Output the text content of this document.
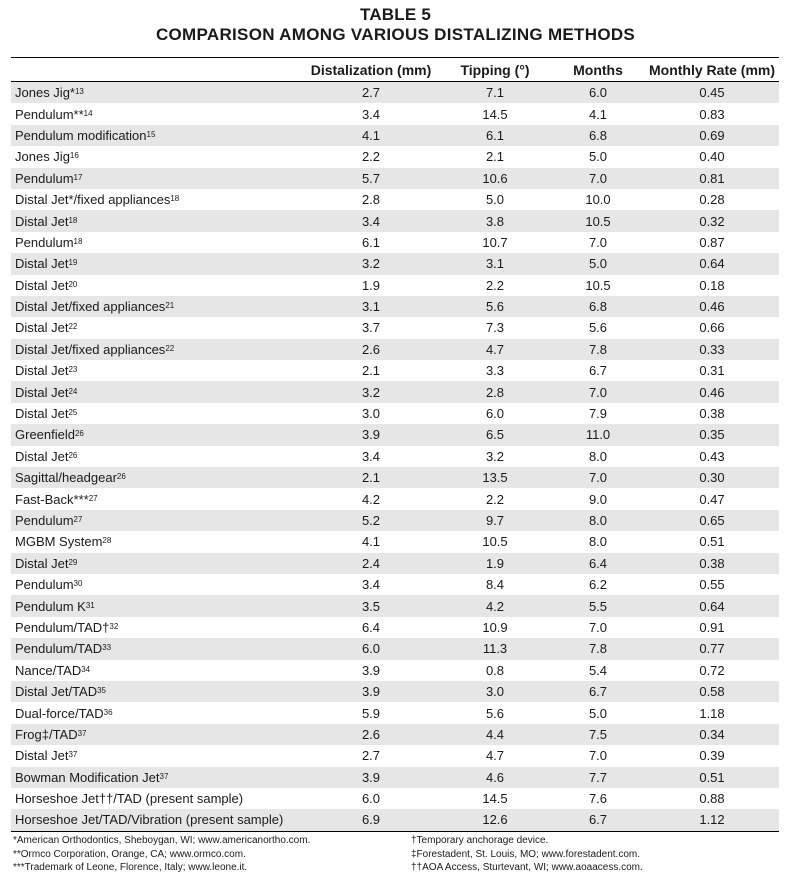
TABLE 5
COMPARISON AMONG VARIOUS DISTALIZING METHODS
	Distalization (mm)	Tipping (°)	Months	Monthly Rate (mm)
Jones Jig*$^{13}$	2.7	7.1	6.0	0.45
Pendulum**$^{14}$	3.4	14.5	4.1	0.83
Pendulum modification$^{15}$	4.1	6.1	6.8	0.69
Jones Jig$^{16}$	2.2	2.1	5.0	0.40
Pendulum$^{17}$	5.7	10.6	7.0	0.81
Distal Jet*/fixed appliances$^{18}$	2.8	5.0	10.0	0.28
Distal Jet$^{18}$	3.4	3.8	10.5	0.32
Pendulum$^{18}$	6.1	10.7	7.0	0.87
Distal Jet$^{19}$	3.2	3.1	5.0	0.64
Distal Jet$^{20}$	1.9	2.2	10.5	0.18
Distal Jet/fixed appliances$^{21}$	3.1	5.6	6.8	0.46
Distal Jet$^{22}$	3.7	7.3	5.6	0.66
Distal Jet/fixed appliances$^{22}$	2.6	4.7	7.8	0.33
Distal Jet$^{23}$	2.1	3.3	6.7	0.31
Distal Jet$^{24}$	3.2	2.8	7.0	0.46
Distal Jet$^{25}$	3.0	6.0	7.9	0.38
Greenfield$^{26}$	3.9	6.5	11.0	0.35
Distal Jet$^{26}$	3.4	3.2	8.0	0.43
Sagittal/headgear$^{26}$	2.1	13.5	7.0	0.30
Fast-Back***$^{27}$	4.2	2.2	9.0	0.47
Pendulum$^{27}$	5.2	9.7	8.0	0.65
MGBM System$^{28}$	4.1	10.5	8.0	0.51
Distal Jet$^{29}$	2.4	1.9	6.4	0.38
Pendulum$^{30}$	3.4	8.4	6.2	0.55
Pendulum $K^{31}$	3.5	4.2	5.5	0.64
Pendulum/TAD†$^{32}$	6.4	10.9	7.0	0.91
Pendulum/TAD$^{33}$	6.0	11.3	7.8	0.77
Nance/TAD$^{34}$	3.9	0.8	5.4	0.72
Distal Jet/TAD$^{35}$	3.9	3.0	6.7	0.58
Dual-force/TAD$^{36}$	5.9	5.6	5.0	1.18
Frog‡/TAD$^{37}$	2.6	4.4	7.5	0.34
Distal Jet$^{37}$	2.7	4.7	7.0	0.39
Bowman Modification Jet$^{37}$	3.9	4.6	7.7	0.51
Horseshoe Jet††/TAD (present sample)	6.0	14.5	7.6	0.88
Horseshoe Jet/TAD/Vibration (present sample)	6.9	12.6	6.7	1.12
*American Orthodontics, Sheboygan, WI; www.americanortho.com.
**Ormco Corporation, Orange, CA; www.ormco.com.
***Trademark of Leone, Florence, Italy; www.leone.it.
†Temporary anchorage device.
‡Forestadent, St. Louis, MO; www.forestadent.com.
††AOA Access, Sturtevant, WI; www.aoaacess.com.
